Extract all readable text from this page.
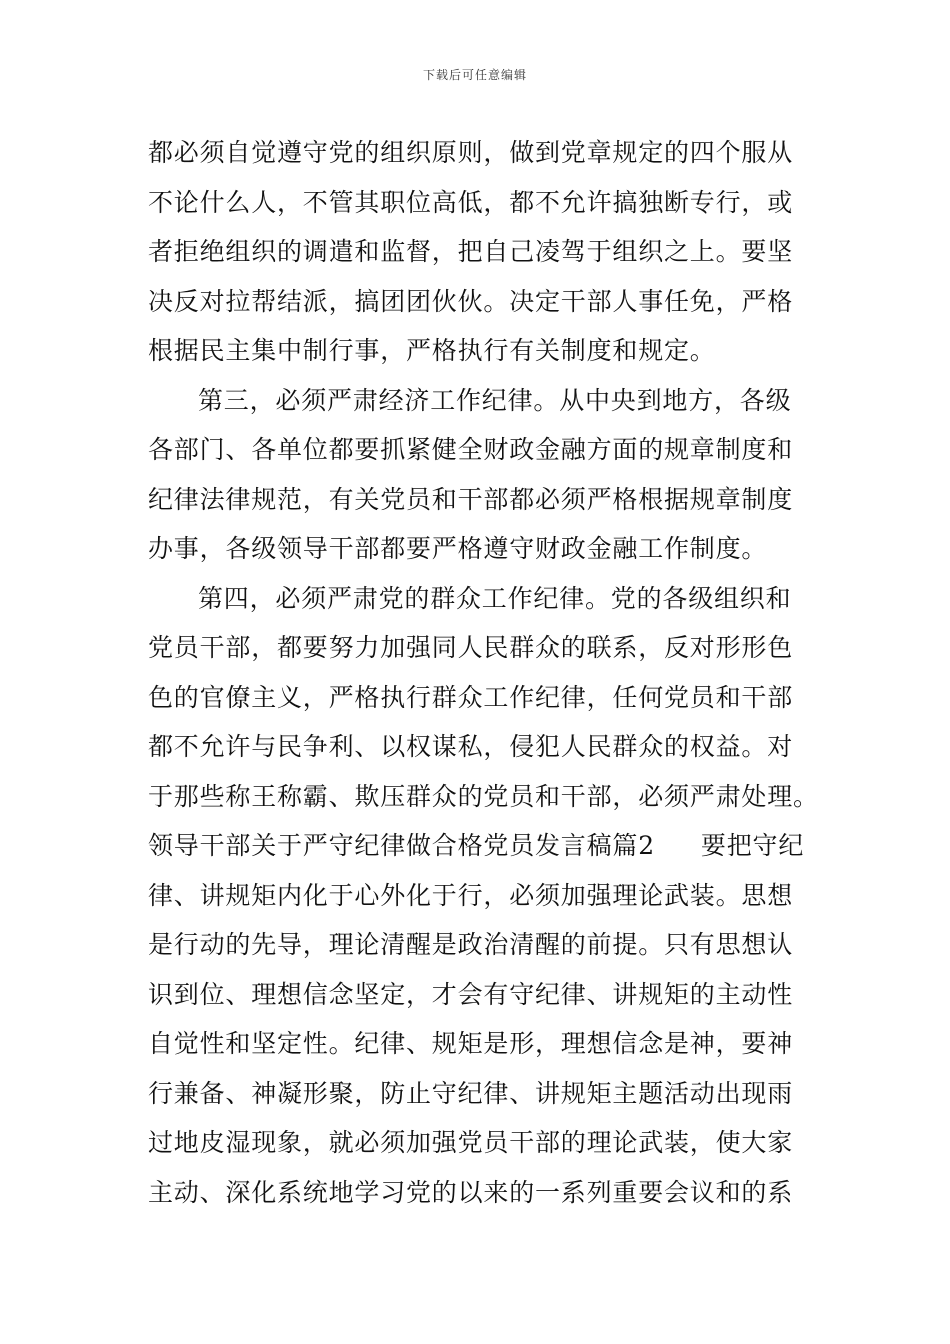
下载后可任意编辑
都必须自觉遵守党的组织原则，做到党章规定的四个服从
不论什么人，不管其职位高低，都不允许搞独断专行，或
者拒绝组织的调遣和监督，把自己凌驾于组织之上。要坚
决反对拉帮结派，搞团团伙伙。决定干部人事任免，严格
根据民主集中制行事，严格执行有关制度和规定。
第三，必须严肃经济工作纪律。从中央到地方，各级
各部门、各单位都要抓紧健全财政金融方面的规章制度和
纪律法律规范，有关党员和干部都必须严格根据规章制度
办事，各级领导干部都要严格遵守财政金融工作制度。
第四，必须严肃党的群众工作纪律。党的各级组织和
党员干部，都要努力加强同人民群众的联系，反对形形色
色的官僚主义，严格执行群众工作纪律，任何党员和干部
都不允许与民争利、以权谋私，侵犯人民群众的权益。对
于那些称王称霸、欺压群众的党员和干部，必须严肃处理。
领导干部关于严守纪律做合格党员发言稿篇2 要把守纪
律、讲规矩内化于心外化于行，必须加强理论武装。思想
是行动的先导，理论清醒是政治清醒的前提。只有思想认
识到位、理想信念坚定，才会有守纪律、讲规矩的主动性
自觉性和坚定性。纪律、规矩是形，理想信念是神，要神
行兼备、神凝形聚，防止守纪律、讲规矩主题活动出现雨
过地皮湿现象，就必须加强党员干部的理论武装，使大家
主动、深化系统地学习党的以来的一系列重要会议和的系
